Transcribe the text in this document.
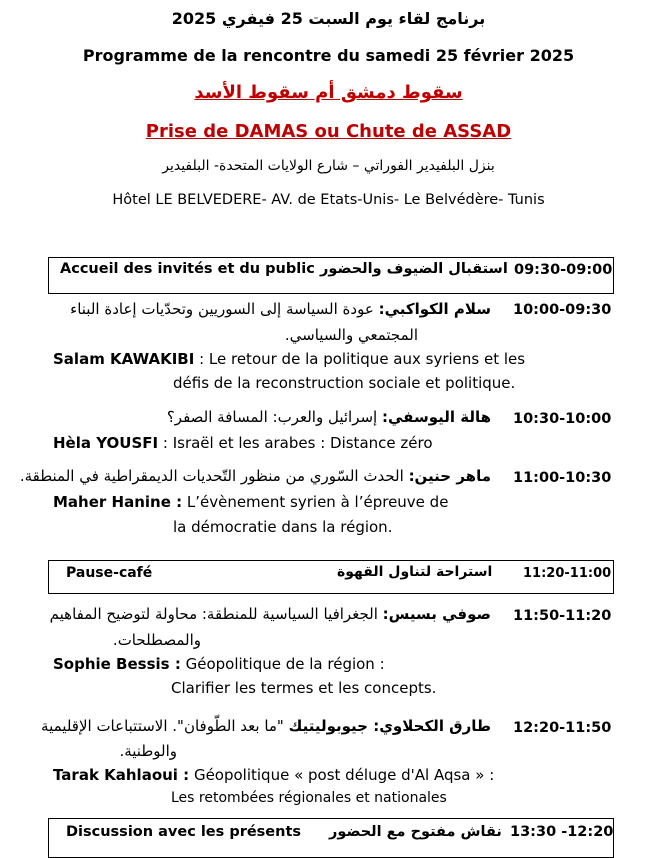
برنامج لقاء يوم السبت 25 فيفري 2025
Programme de la rencontre du samedi 25 février 2025
سقوط دمشق أم سقوط الأسد
Prise de DAMAS ou Chute de ASSAD
بنزل البلفيدير الفوراتي – شارع الولايات المتحدة- البلفيدير
Hôtel LE BELVEDERE- AV. de Etats-Unis- Le Belvédère- Tunis
Accueil des invités et du public استقبال الضيوف والحضور 09:30-09:00
10:00-09:30
سلام الكواكبي: عودة السياسة إلى السوريين وتحدّيات إعادة البناء
المجتمعي والسياسي.
Salam KAWAKIBI : Le retour de la politique aux syriens et les
défis de la reconstruction sociale et politique.
10:30-10:00
هالة اليوسفي: إسرائيل والعرب: المسافة الصفر؟
Hèla YOUSFI : Israël et les arabes : Distance zéro
11:00-10:30
ماهر حنين: الحدث السّوري من منظور التّحديات الديمقراطية في المنطقة.
Maher Hanine : L’évènement syrien à l’épreuve de
la démocratie dans la région.
Pause-café	استراحة لتناول القهوة 11:20-11:00
11:50-11:20
صوفي بسيس: الجغرافيا السياسية للمنطقة: محاولة لتوضيح المفاهيم
والمصطلحات.
Sophie Bessis : Géopolitique de la région :
Clarifier les termes et les concepts.
12:20-11:50
طارق الكحلاوي: جيوبوليتيك "ما بعد الطّوفان". الاستتباعات الإقليمية
والوطنية.
Tarak Kahlaoui : Géopolitique « post déluge d'Al Aqsa » :
Les retombées régionales et nationales
Discussion avec les présents نقاش مفتوح مع الحضور 13:30 -12:20
